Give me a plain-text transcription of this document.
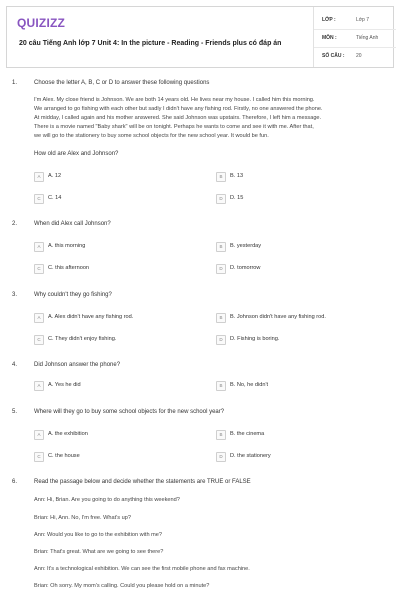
QUIZIZZ
20 câu Tiếng Anh lớp 7 Unit 4: In the picture - Reading - Friends plus có đáp án
LỚP :	Lớp 7
MÔN :	Tiếng Anh
SỐ CÂU : 20
1.	Choose the letter A, B, C or D to answer these following questions
I'm Alex. My close friend is Johnson. We are both 14 years old. He lives near my house. I called him this morning.
We arranged to go fishing with each other but sadly I didn't have any fishing rod. Firstly, no one answered the phone.
At midday, I called again and his mother answered. She said Johnson was upstairs. Therefore, I left him a message.
There is a movie named "Baby shark" will be on tonight. Perhaps he wants to come and see it with me. After that,
we will go to the stationery to buy some school objects for the new school year. It would be fun.
How old are Alex and Johnson?
A	A. 12	B	B. 13
C	C. 14	D	D. 15
2.	When did Alex call Johnson?
A	A. this morning	B	B. yesterday
C	C. this afternoon	D	D. tomorrow
3.	Why couldn't they go fishing?
A	A. Alex didn't have any fishing rod.	B	B. Johnson didn't have any fishing rod.
C	C. They didn't enjoy fishing.	D	D. Fishing is boring.
4.	Did Johnson answer the phone?
A	A. Yes he did	B	B. No, he didn't
5.	Where will they go to buy some school objects for the new school year?
A	A. the exhibition	B	B. the cinema
C	C. the house	D	D. the stationery
6.	Read the passage below and decide whether the statements are TRUE or FALSE
Ann: Hi, Brian. Are you going to do anything this weekend?
Brian: Hi, Ann. No, I'm free. What's up?
Ann: Would you like to go to the exhibition with me?
Brian: That's great. What are we going to see there?
Ann: It's a technological exhibition. We can see the first mobile phone and fax machine.
Brian: Oh sorry. My mom's calling. Could you please hold on a minute?
